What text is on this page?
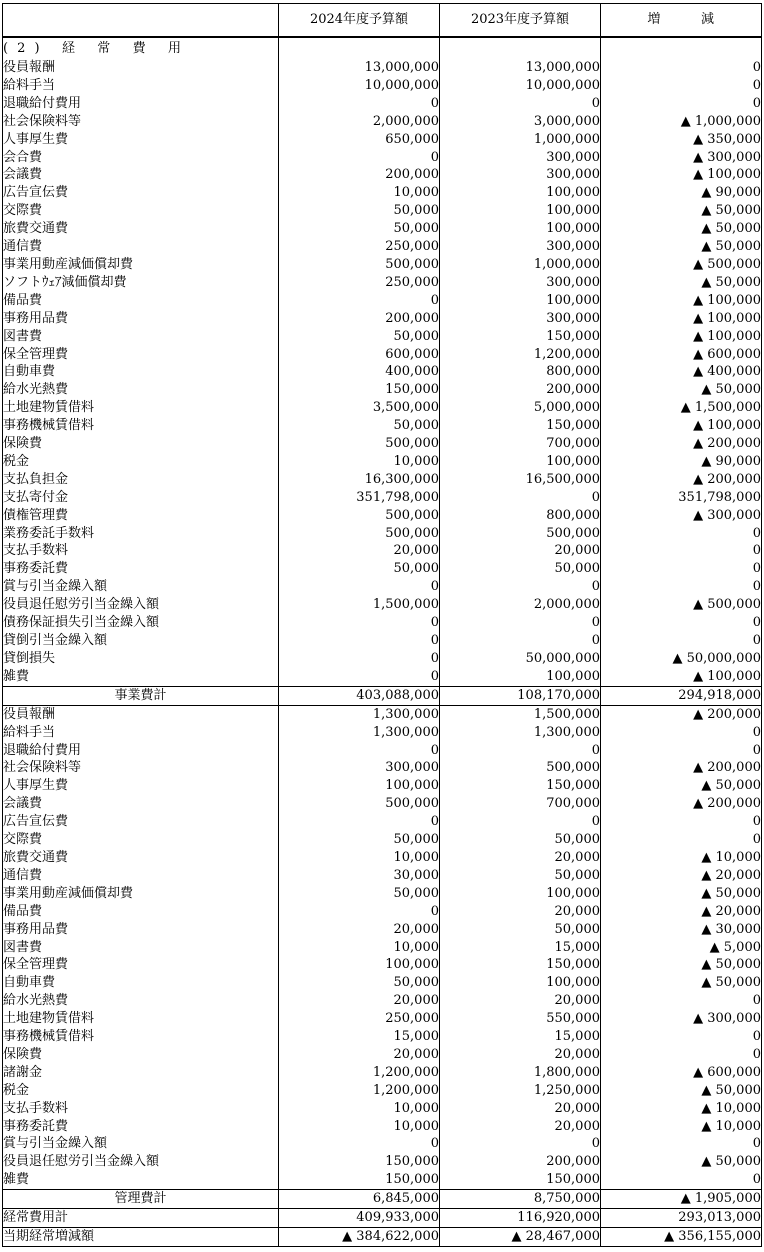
	2024年度予算額	2023年度予算額	増 減
(2) 経 常 費 用			
役員報酬	13,000,000	13,000,000	0
給料手当	10,000,000	10,000,000	0
退職給付費用	0	0	0
社会保険料等	2,000,000	3,000,000	▲ 1,000,000
人事厚生費	650,000	1,000,000	▲ 350,000
会合費	0	300,000	▲ 300,000
会議費	200,000	300,000	▲ 100,000
広告宣伝費	10,000	100,000	▲ 90,000
交際費	50,000	100,000	▲ 50,000
旅費交通費	50,000	100,000	▲ 50,000
通信費	250,000	300,000	▲ 50,000
事業用動産減価償却費	500,000	1,000,000	▲ 500,000
ソフトｳｪｱ減価償却費	250,000	300,000	▲ 50,000
備品費	0	100,000	▲ 100,000
事務用品費	200,000	300,000	▲ 100,000
図書費	50,000	150,000	▲ 100,000
保全管理費	600,000	1,200,000	▲ 600,000
自動車費	400,000	800,000	▲ 400,000
給水光熱費	150,000	200,000	▲ 50,000
土地建物賃借料	3,500,000	5,000,000	▲ 1,500,000
事務機械賃借料	50,000	150,000	▲ 100,000
保険費	500,000	700,000	▲ 200,000
税金	10,000	100,000	▲ 90,000
支払負担金	16,300,000	16,500,000	▲ 200,000
支払寄付金	351,798,000	0	351,798,000
債権管理費	500,000	800,000	▲ 300,000
業務委託手数料	500,000	500,000	0
支払手数料	20,000	20,000	0
事務委託費	50,000	50,000	0
賞与引当金繰入額	0	0	0
役員退任慰労引当金繰入額	1,500,000	2,000,000	▲ 500,000
債務保証損失引当金繰入額	0	0	0
貸倒引当金繰入額	0	0	0
貸倒損失	0	50,000,000	▲ 50,000,000
雑費	0	100,000	▲ 100,000
事業費計	403,088,000	108,170,000	294,918,000
役員報酬	1,300,000	1,500,000	▲ 200,000
給料手当	1,300,000	1,300,000	0
退職給付費用	0	0	0
社会保険料等	300,000	500,000	▲ 200,000
人事厚生費	100,000	150,000	▲ 50,000
会議費	500,000	700,000	▲ 200,000
広告宣伝費	0	0	0
交際費	50,000	50,000	0
旅費交通費	10,000	20,000	▲ 10,000
通信費	30,000	50,000	▲ 20,000
事業用動産減価償却費	50,000	100,000	▲ 50,000
備品費	0	20,000	▲ 20,000
事務用品費	20,000	50,000	▲ 30,000
図書費	10,000	15,000	▲ 5,000
保全管理費	100,000	150,000	▲ 50,000
自動車費	50,000	100,000	▲ 50,000
給水光熱費	20,000	20,000	0
土地建物賃借料	250,000	550,000	▲ 300,000
事務機械賃借料	15,000	15,000	0
保険費	20,000	20,000	0
諸謝金	1,200,000	1,800,000	▲ 600,000
税金	1,200,000	1,250,000	▲ 50,000
支払手数料	10,000	20,000	▲ 10,000
事務委託費	10,000	20,000	▲ 10,000
賞与引当金繰入額	0	0	0
役員退任慰労引当金繰入額	150,000	200,000	▲ 50,000
雑費	150,000	150,000	0
管理費計	6,845,000	8,750,000	▲ 1,905,000
経常費用計	409,933,000	116,920,000	293,013,000
当期経常増減額	▲ 384,622,000	▲ 28,467,000	▲ 356,155,000
